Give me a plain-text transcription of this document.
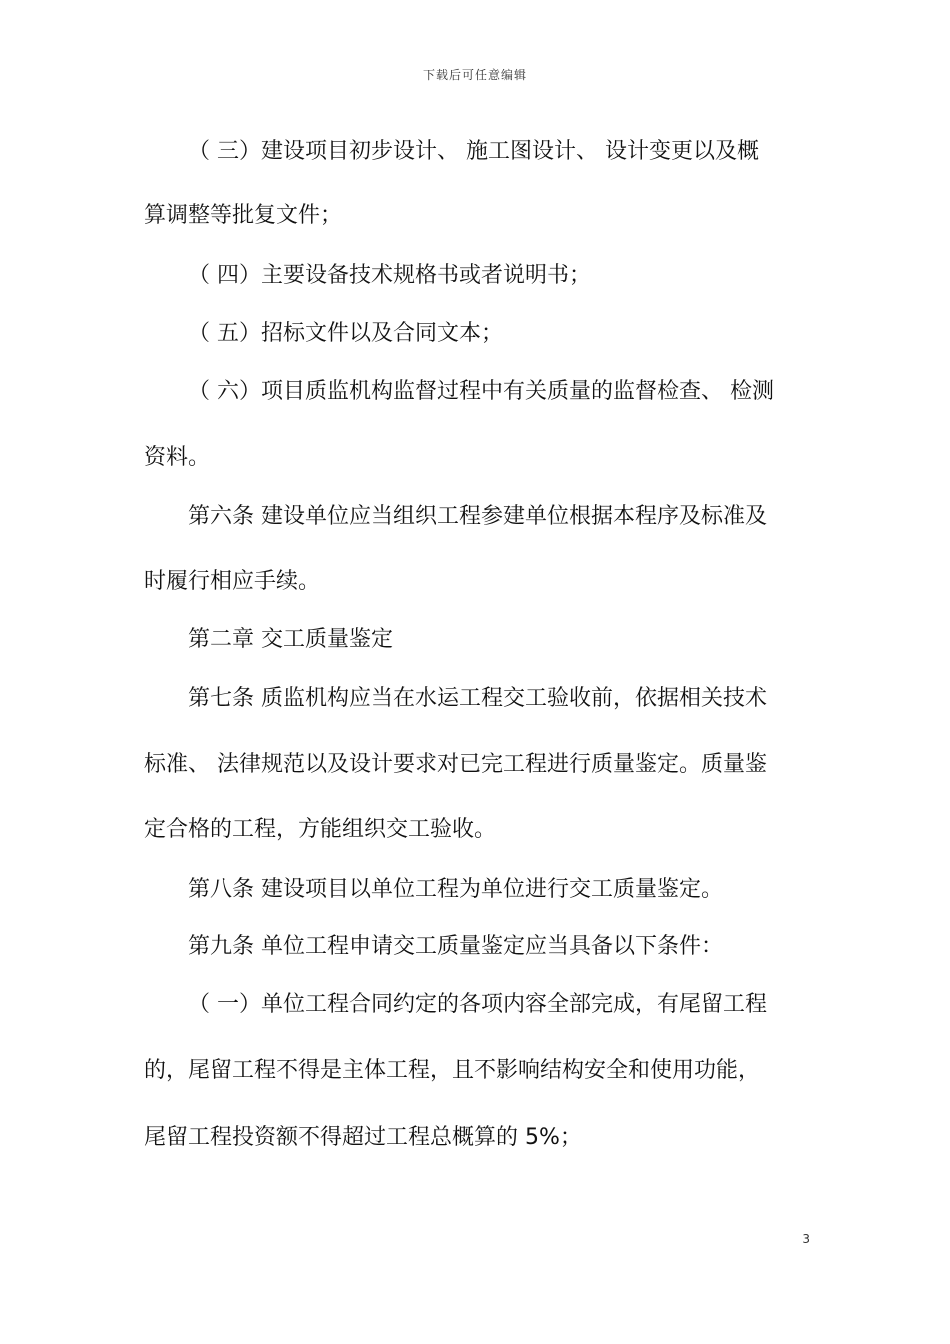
下载后可任意编辑
（ 三）建设项目初步设计、 施工图设计、 设计变更以及概
算调整等批复文件；
（ 四）主要设备技术规格书或者说明书；
（ 五）招标文件以及合同文本；
（ 六）项目质监机构监督过程中有关质量的监督检查、 检测
资料。
第六条 建设单位应当组织工程参建单位根据本程序及标准及
时履行相应手续。
第二章 交工质量鉴定
第七条 质监机构应当在水运工程交工验收前，依据相关技术
标准、 法律规范以及设计要求对已完工程进行质量鉴定。质量鉴
定合格的工程，方能组织交工验收。
第八条 建设项目以单位工程为单位进行交工质量鉴定。
第九条 单位工程申请交工质量鉴定应当具备以下条件：
（ 一）单位工程合同约定的各项内容全部完成，有尾留工程
的，尾留工程不得是主体工程，且不影响结构安全和使用功能，
尾留工程投资额不得超过工程总概算的 5%；
3
